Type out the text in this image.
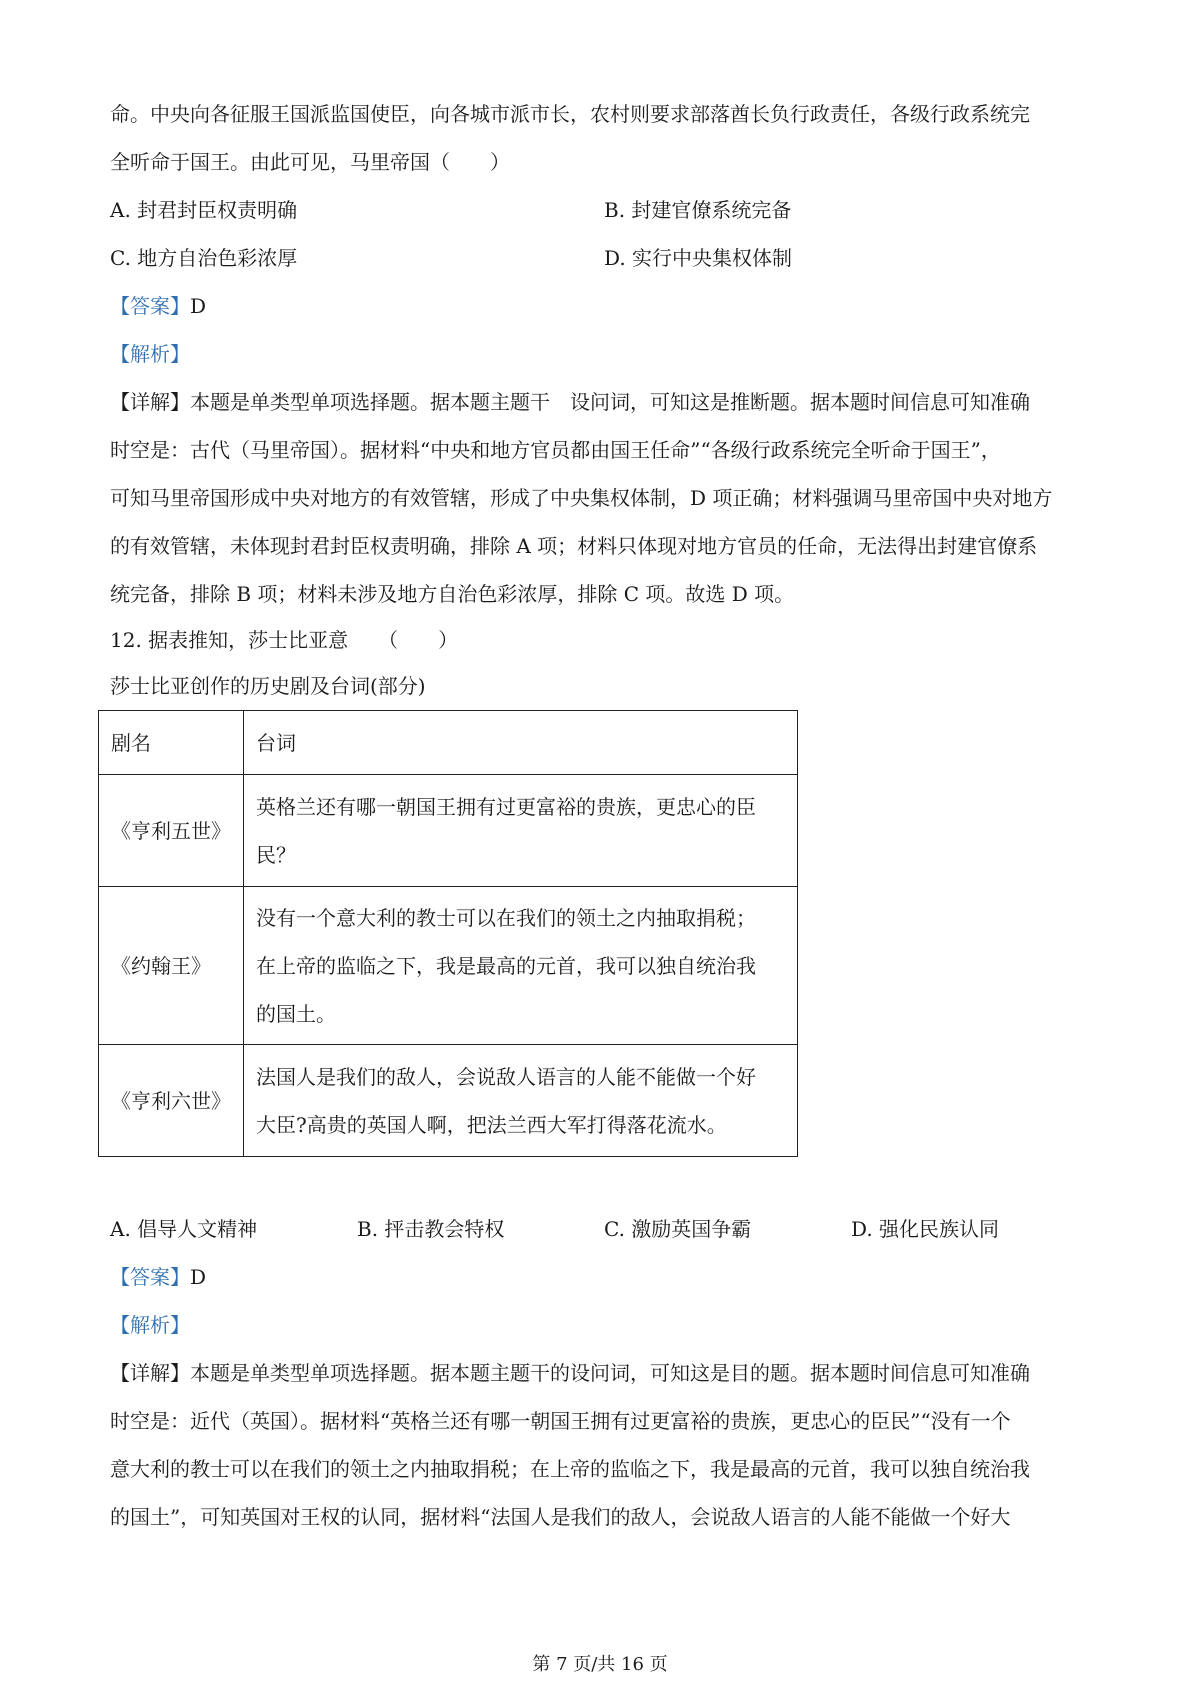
命。中央向各征服王国派监国使臣，向各城市派市长，农村则要求部落酋长负行政责任，各级行政系统完
全听命于国王。由此可见，马里帝国（　　）
A. 封君封臣权责明确	B. 封建官僚系统完备
C. 地方自治色彩浓厚	D. 实行中央集权体制
【答案】D
【解析】
【详解】本题是单类型单项选择题。据本题主题干　设问词，可知这是推断题。据本题时间信息可知准确
时空是：古代（马里帝国）。据材料“中央和地方官员都由国王任命”“各级行政系统完全听命于国王”，
可知马里帝国形成中央对地方的有效管辖，形成了中央集权体制，D 项正确；材料强调马里帝国中央对地方
的有效管辖，未体现封君封臣权责明确，排除 A 项；材料只体现对地方官员的任命，无法得出封建官僚系
统完备，排除 B 项；材料未涉及地方自治色彩浓厚，排除 C 项。故选 D 项。
12. 据表推知，莎士比亚意　　（　　）
莎士比亚创作的历史剧及台词(部分)
剧名	台词
《亨利五世》	英格兰还有哪一朝国王拥有过更富裕的贵族，更忠心的臣
民？

《约翰王》	没有一个意大利的教士可以在我们的领土之内抽取捐税；
在上帝的监临之下，我是最高的元首，我可以独自统治我
的国土。

《亨利六世》	法国人是我们的敌人，会说敌人语言的人能不能做一个好
大臣?高贵的英国人啊，把法兰西大军打得落花流水。
A. 倡导人文精神	B. 抨击教会特权	C. 激励英国争霸	D. 强化民族认同
【答案】D
【解析】
【详解】本题是单类型单项选择题。据本题主题干的设问词，可知这是目的题。据本题时间信息可知准确
时空是：近代（英国）。据材料“英格兰还有哪一朝国王拥有过更富裕的贵族，更忠心的臣民”“没有一个
意大利的教士可以在我们的领土之内抽取捐税；在上帝的监临之下，我是最高的元首，我可以独自统治我
的国土”，可知英国对王权的认同，据材料“法国人是我们的敌人，会说敌人语言的人能不能做一个好大
第 7 页/共 16 页
